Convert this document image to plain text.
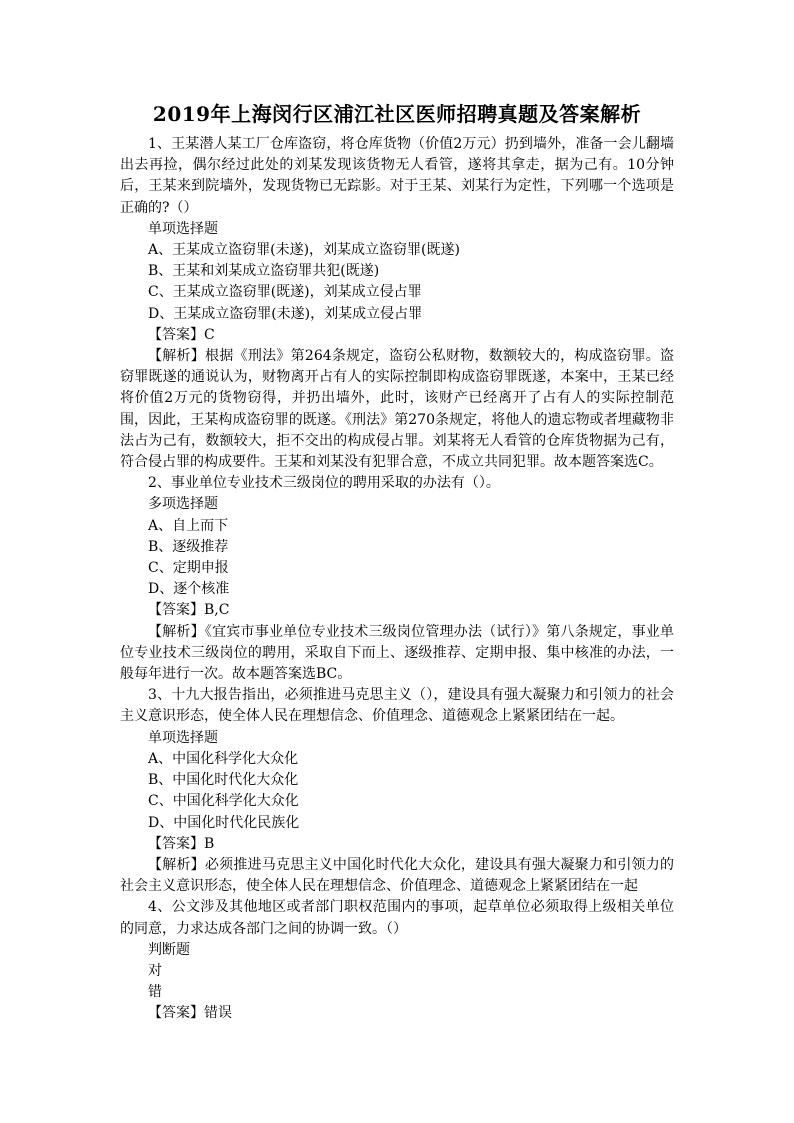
2019年上海闵行区浦江社区医师招聘真题及答案解析

1、王某潜人某工厂仓库盗窃，将仓库货物（价值2万元）扔到墙外，准备一会儿翻墙出去再捡，偶尔经过此处的刘某发现该货物无人看管，遂将其拿走，据为己有。10分钟后，王某来到院墙外，发现货物已无踪影。对于王某、刘某行为定性，下列哪一个选项是正确的?（）

单项选择题

A、王某成立盗窃罪(未遂)，刘某成立盗窃罪(既遂)

B、王某和刘某成立盗窃罪共犯(既遂)

C、王某成立盗窃罪(既遂)，刘某成立侵占罪

D、王某成立盗窃罪(未遂)，刘某成立侵占罪

【答案】C

【解析】根据《刑法》第264条规定，盗窃公私财物，数额较大的，构成盗窃罪。盗窃罪既遂的通说认为，财物离开占有人的实际控制即构成盗窃罪既遂，本案中，王某已经将价值2万元的货物窃得，并扔出墙外，此时，该财产已经离开了占有人的实际控制范围，因此，王某构成盗窃罪的既遂。《刑法》第270条规定，将他人的遗忘物或者埋藏物非法占为己有，数额较大，拒不交出的构成侵占罪。刘某将无人看管的仓库货物据为己有，符合侵占罪的构成要件。王某和刘某没有犯罪合意，不成立共同犯罪。故本题答案选C。

2、事业单位专业技术三级岗位的聘用采取的办法有（）。

多项选择题

A、自上而下

B、逐级推荐

C、定期申报

D、逐个核准

【答案】B,C

【解析】《宜宾市事业单位专业技术三级岗位管理办法（试行）》第八条规定，事业单位专业技术三级岗位的聘用，采取自下而上、逐级推荐、定期申报、集中核准的办法，一般每年进行一次。故本题答案选BC。

3、十九大报告指出，必须推进马克思主义（），建设具有强大凝聚力和引领力的社会主义意识形态，使全体人民在理想信念、价值理念、道德观念上紧紧团结在一起。

单项选择题

A、中国化科学化大众化

B、中国化时代化大众化

C、中国化科学化大众化

D、中国化时代化民族化

【答案】B

【解析】必须推进马克思主义中国化时代化大众化，建设具有强大凝聚力和引领力的社会主义意识形态，使全体人民在理想信念、价值理念、道德观念上紧紧团结在一起

4、公文涉及其他地区或者部门职权范围内的事项，起草单位必须取得上级相关单位的同意，力求达成各部门之间的协调一致。（）

判断题

对

错

【答案】错误
